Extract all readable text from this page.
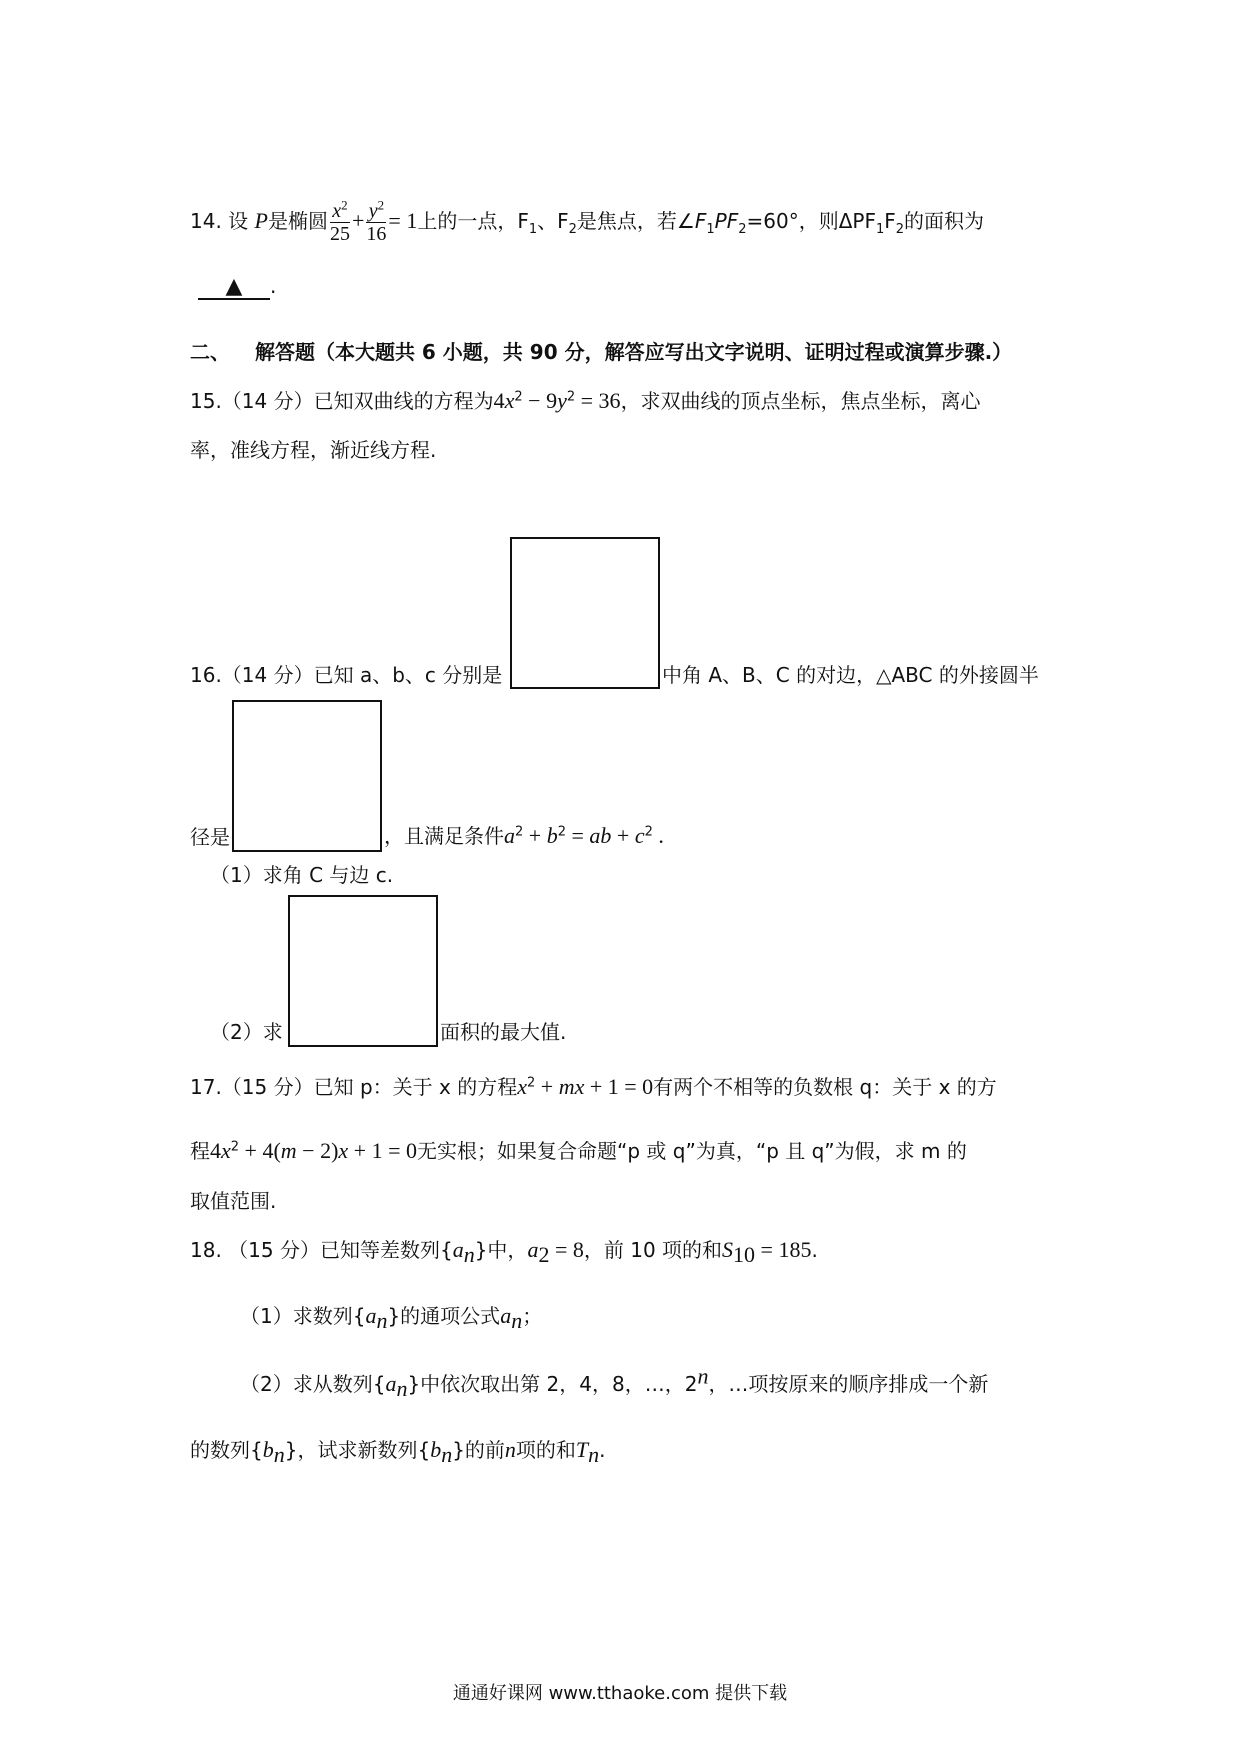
14. 设 P是椭圆 $\frac{x^2}{25} + \frac{y^2}{16} = 1$上的一点，$F_1$、$F_2$是焦点，若$\angle F_1PF_2=60^\circ$，则$\Delta PF_1F_2$的面积为
▲ .
二、 解答题（本大题共 6 小题，共 90 分，解答应写出文字说明、证明过程或演算步骤.）
15.（14 分）已知双曲线的方程为$4x^2 - 9y^2 = 36$，求双曲线的顶点坐标，焦点坐标，离心
率，准线方程，渐近线方程.
16.（14 分）已知 a、b、c 分别是	中角 A、B、C 的对边，△ABC 的外接圆半
径是	，且满足条件$a^2 + b^2$ = ab + $c^2$ .
（1）求角 C 与边 c.
（2）求	面积的最大值.
17.（15 分）已知 p：关于 x 的方程$x^2$ + mx + 1 = 0有两个不相等的负数根 q：关于 x 的方
程$4x^2 + 4(m - 2)x + 1 = 0$无实根；如果复合命题“p 或 q”为真，“p 且 q”为假，求 m 的
取值范围.
18. （15 分）已知等差数列$\{a_n\}$中，$a_2 = 8$，前 10 项的和$S_{10} = 185$.
（1）求数列$\{a_n\}$的通项公式$a_n$；
（2）求从数列$\{a_n\}$中依次取出第 2，4，8，…，2$^n$，…项按原来的顺序排成一个新
的数列$\{b_n\}$，试求新数列$\{b_n\}$的前n项的和$T_n$.
通通好课网 www.tthaoke.com 提供下载
